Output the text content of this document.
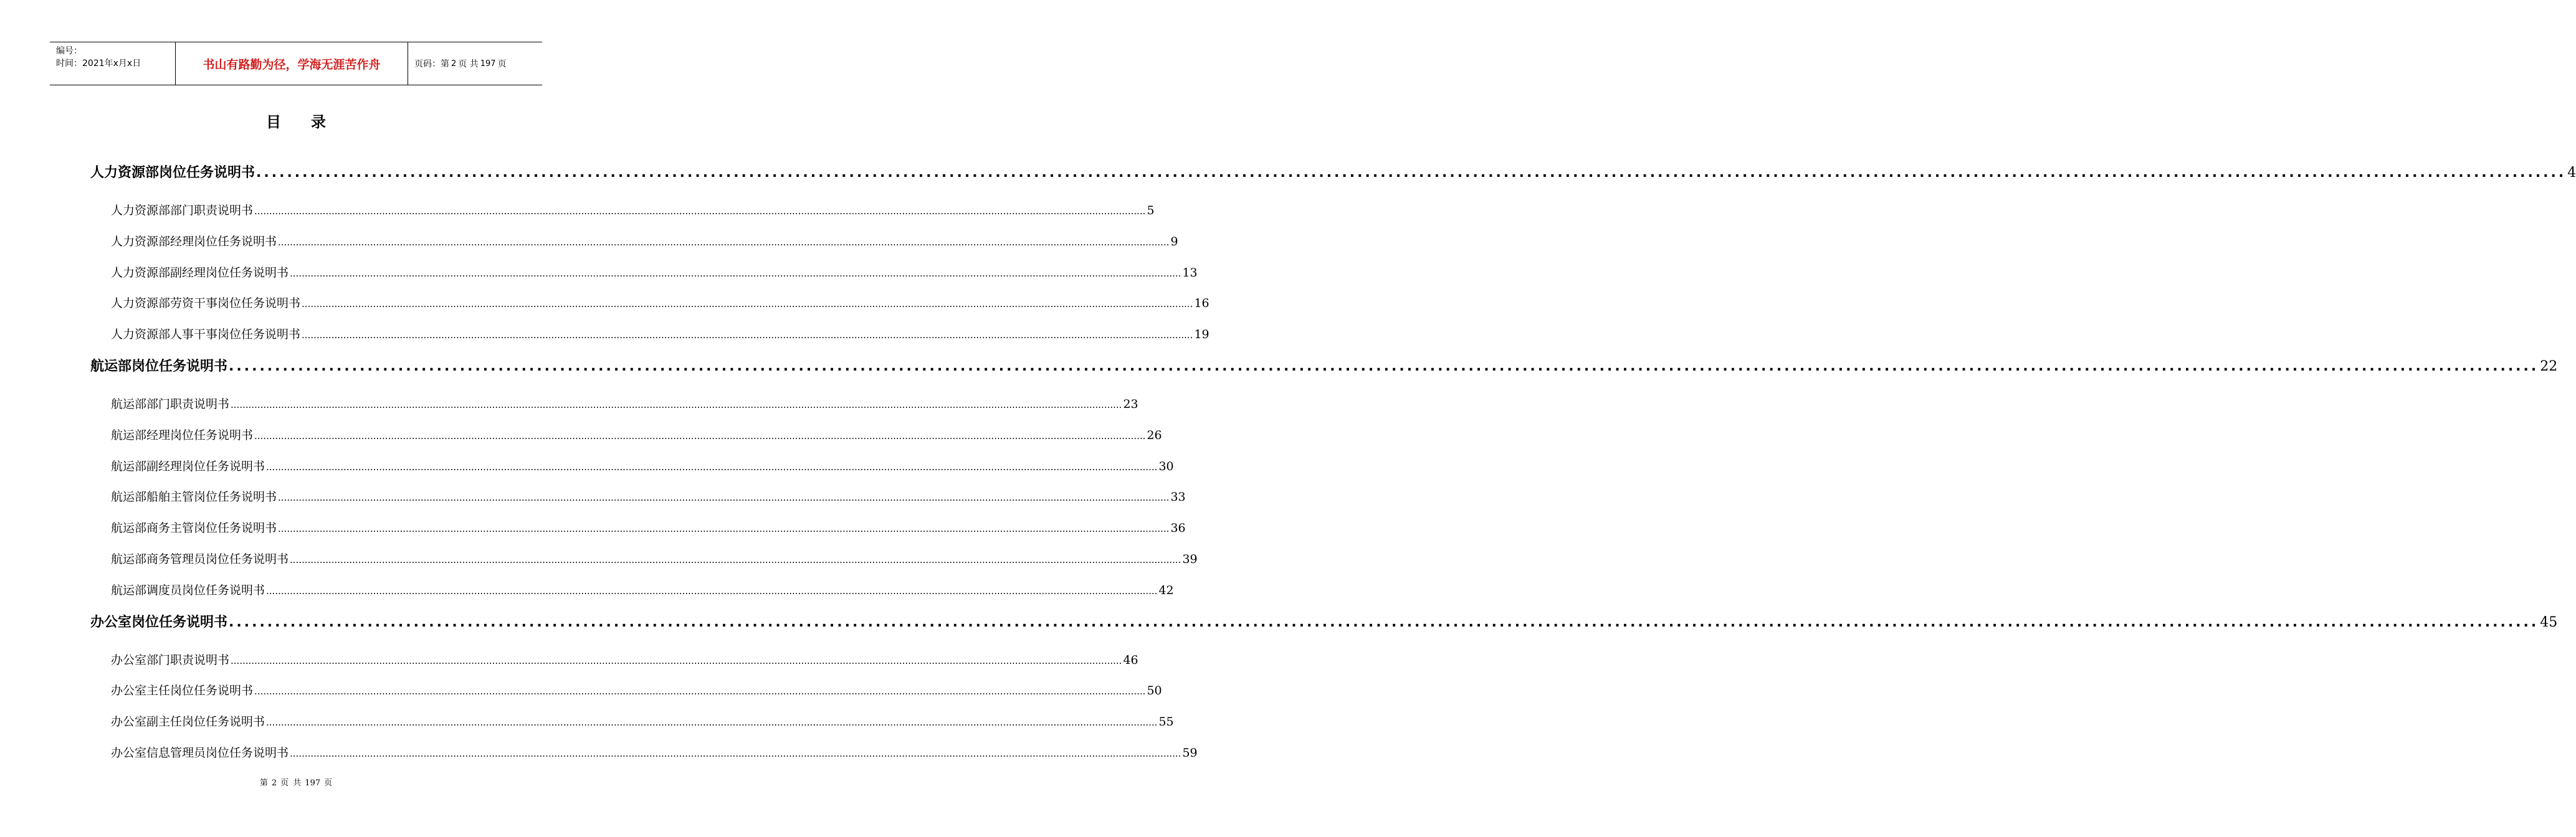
编号：
时间：2021年x月x日	书山有路勤为径，学海无涯苦作舟	页码：第 2 页 共 197 页
目录
人力资源部岗位任务说明书 ............................................................................................................................................................................................................................................................................................................ 4
人力资源部部门职责说明书 ............................................................................................................................................................................................................................................................................................................ 5
人力资源部经理岗位任务说明书 ............................................................................................................................................................................................................................................................................................................ 9
人力资源部副经理岗位任务说明书 ............................................................................................................................................................................................................................................................................................................ 13
人力资源部劳资干事岗位任务说明书 ............................................................................................................................................................................................................................................................................................................ 16
人力资源部人事干事岗位任务说明书 ............................................................................................................................................................................................................................................................................................................ 19
航运部岗位任务说明书 ............................................................................................................................................................................................................................................................................................................ 22
航运部部门职责说明书 ............................................................................................................................................................................................................................................................................................................ 23
航运部经理岗位任务说明书 ............................................................................................................................................................................................................................................................................................................ 26
航运部副经理岗位任务说明书 ............................................................................................................................................................................................................................................................................................................ 30
航运部船舶主管岗位任务说明书 ............................................................................................................................................................................................................................................................................................................ 33
航运部商务主管岗位任务说明书 ............................................................................................................................................................................................................................................................................................................ 36
航运部商务管理员岗位任务说明书 ............................................................................................................................................................................................................................................................................................................ 39
航运部调度员岗位任务说明书 ............................................................................................................................................................................................................................................................................................................ 42
办公室岗位任务说明书 ............................................................................................................................................................................................................................................................................................................ 45
办公室部门职责说明书 ............................................................................................................................................................................................................................................................................................................ 46
办公室主任岗位任务说明书 ............................................................................................................................................................................................................................................................................................................ 50
办公室副主任岗位任务说明书 ............................................................................................................................................................................................................................................................................................................ 55
办公室信息管理员岗位任务说明书 ............................................................................................................................................................................................................................................................................................................ 59
第 2 页 共 197 页
